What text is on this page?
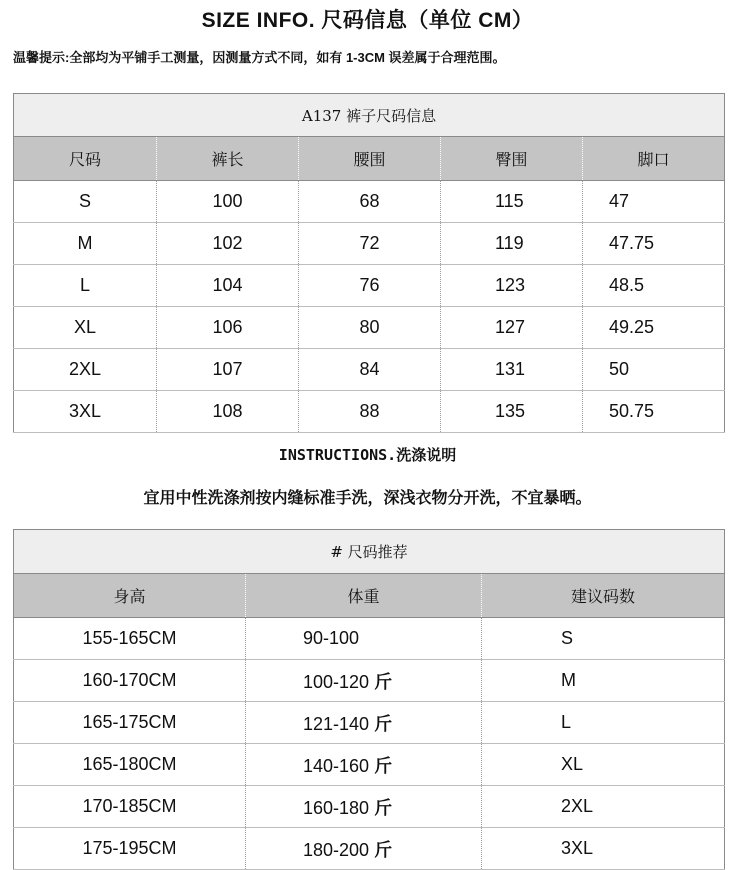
SIZE INFO. 尺码信息（单位 CM）
温馨提示:全部均为平铺手工测量，因测量方式不同，如有 1-3CM 误差属于合理范围。
A137 裤子尺码信息				
尺码	裤长	腰围	臀围	脚口
S	100	68	115	47
M	102	72	119	47.75
L	104	76	123	48.5
XL	106	80	127	49.25
2XL	107	84	131	50
3XL	108	88	135	50.75
INSTRUCTIONS.洗涤说明
宜用中性洗涤剂按内缝标准手洗，深浅衣物分开洗，不宜暴晒。
# 尺码推荐		
身高	体重	建议码数
155-165CM	90-100	S
160-170CM	100-120 斤	M
165-175CM	121-140 斤	L
165-180CM	140-160 斤	XL
170-185CM	160-180 斤	2XL
175-195CM	180-200 斤	3XL
